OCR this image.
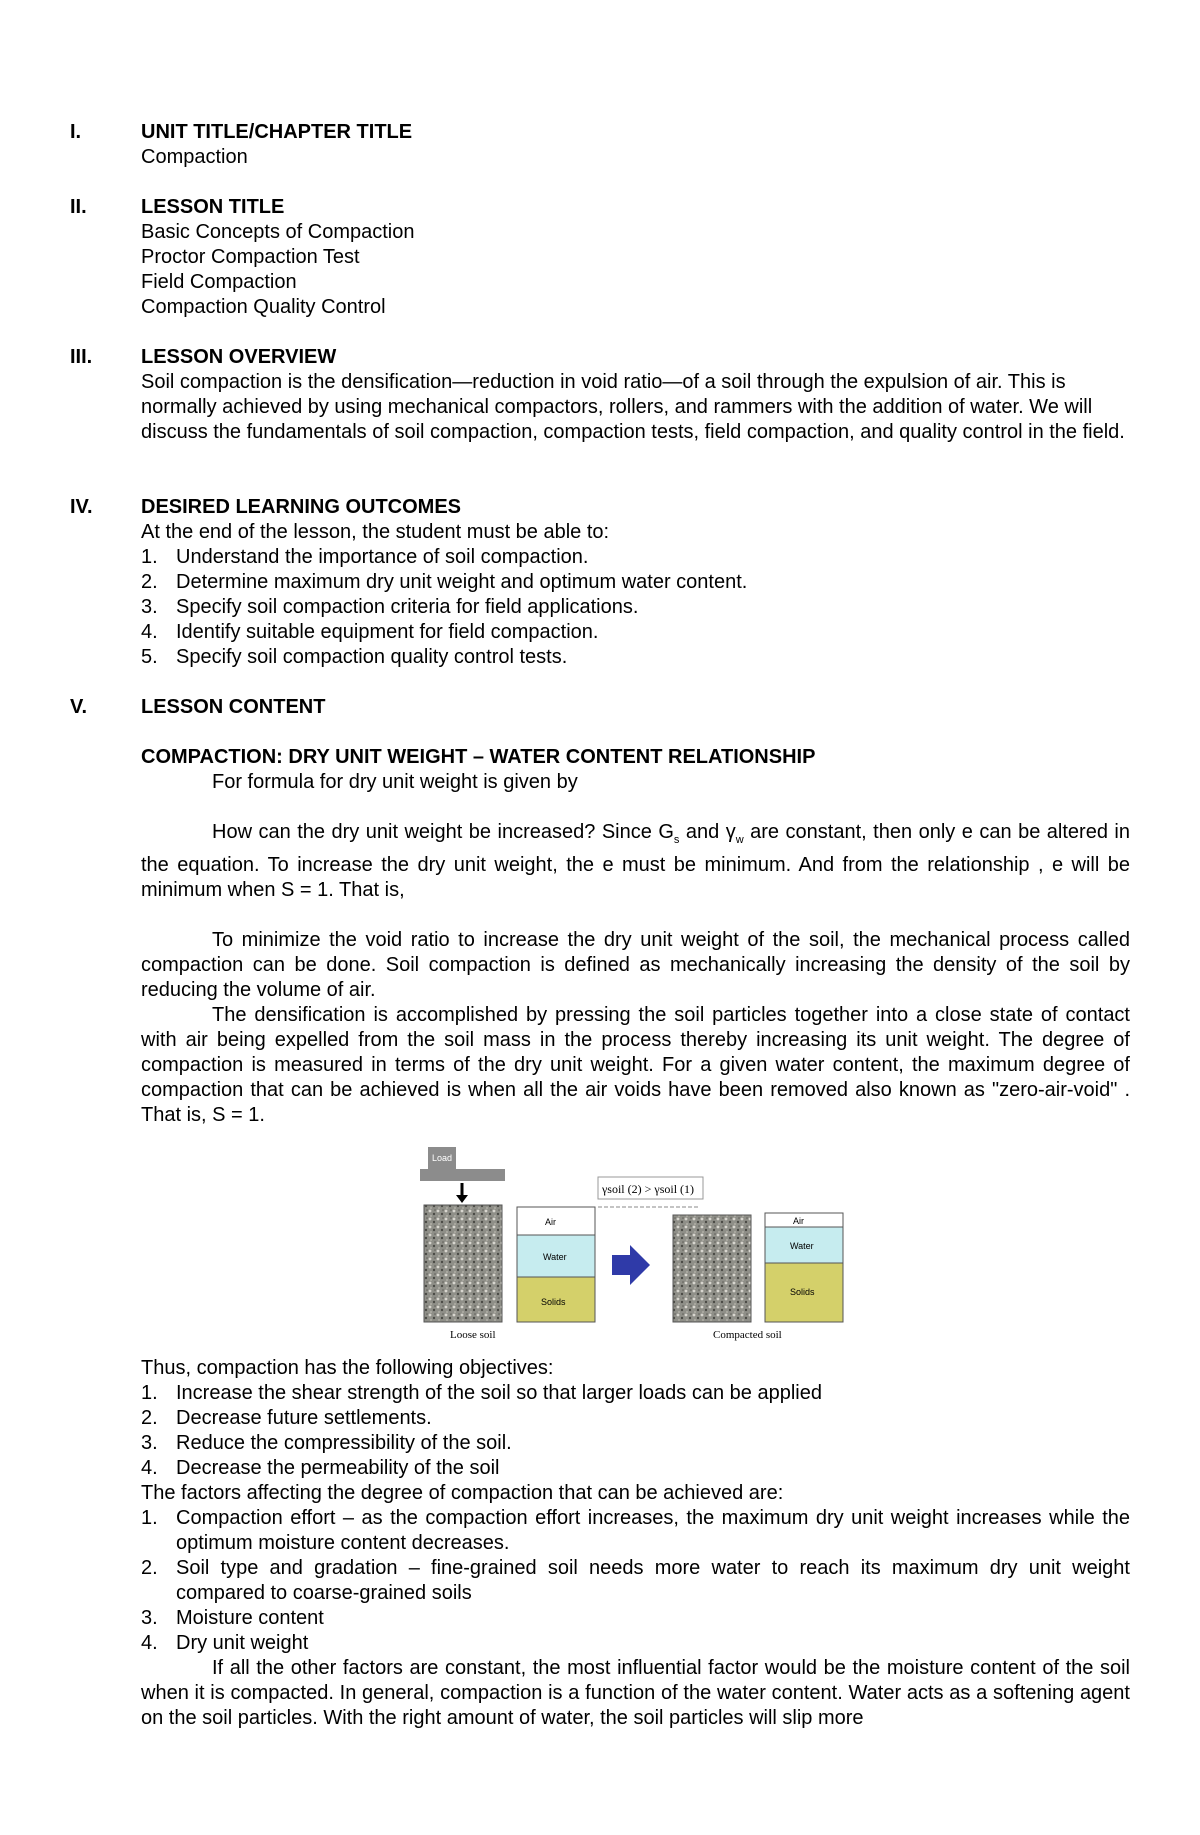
I.	UNIT TITLE/CHAPTER TITLE
Compaction
II.	LESSON TITLE
Basic Concepts of Compaction
Proctor Compaction Test
Field Compaction
Compaction Quality Control
III.	LESSON OVERVIEW
Soil compaction is the densification—reduction in void ratio—of a soil through the expulsion of air. This is normally achieved by using mechanical compactors, rollers, and rammers with the addition of water. We will discuss the fundamentals of soil compaction, compaction tests, field compaction, and quality control in the field.
IV.	DESIRED LEARNING OUTCOMES
At the end of the lesson, the student must be able to:
1. Understand the importance of soil compaction.
2. Determine maximum dry unit weight and optimum water content.
3. Specify soil compaction criteria for field applications.
4. Identify suitable equipment for field compaction.
5. Specify soil compaction quality control tests.
V.	LESSON CONTENT
COMPACTION: DRY UNIT WEIGHT – WATER CONTENT RELATIONSHIP
For formula for dry unit weight is given by
How can the dry unit weight be increased? Since $G_s$ and $\gamma_w$ are constant, then only e can be altered in the equation. To increase the dry unit weight, the e must be minimum. And from the relationship , e will be minimum when S = 1. That is,
To minimize the void ratio to increase the dry unit weight of the soil, the mechanical process called compaction can be done. Soil compaction is defined as mechanically increasing the density of the soil by reducing the volume of air.
The densification is accomplished by pressing the soil particles together into a close state of contact with air being expelled from the soil mass in the process thereby increasing its unit weight. The degree of compaction is measured in terms of the dry unit weight. For a given water content, the maximum degree of compaction that can be achieved is when all the air voids have been removed also known as "zero-air-void" . That is, S = 1.
Load
Air
Water
Solids
Loose soil
γsoil (2) > γsoil (1)
Air
Water
Solids
Compacted soil
Thus, compaction has the following objectives:
1. Increase the shear strength of the soil so that larger loads can be applied
2. Decrease future settlements.
3. Reduce the compressibility of the soil.
4. Decrease the permeability of the soil
The factors affecting the degree of compaction that can be achieved are:
1. Compaction effort – as the compaction effort increases, the maximum dry unit weight increases while the optimum moisture content decreases.
2. Soil type and gradation – fine-grained soil needs more water to reach its maximum dry unit weight compared to coarse-grained soils
3. Moisture content
4. Dry unit weight
If all the other factors are constant, the most influential factor would be the moisture content of the soil when it is compacted. In general, compaction is a function of the water content. Water acts as a softening agent on the soil particles. With the right amount of water, the soil particles will slip more
